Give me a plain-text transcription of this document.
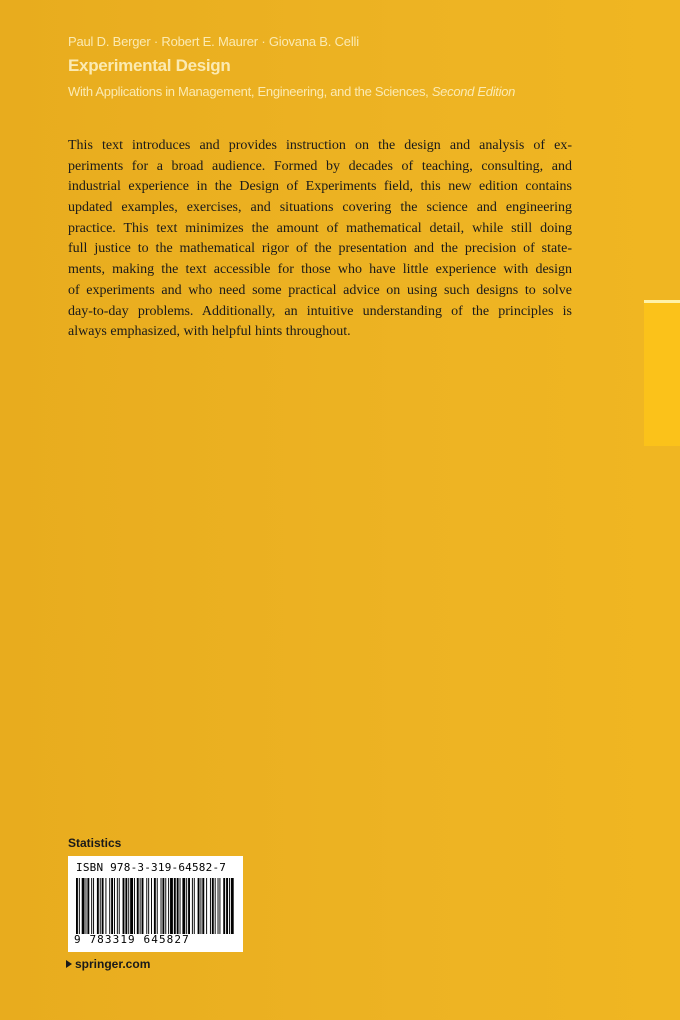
Paul D. Berger · Robert E. Maurer · Giovana B. Celli
Experimental Design
With Applications in Management, Engineering, and the Sciences, Second Edition
This text introduces and provides instruction on the design and analysis of ex-
periments for a broad audience. Formed by decades of teaching, consulting, and
industrial experience in the Design of Experiments field, this new edition contains
updated examples, exercises, and situations covering the science and engineering
practice. This text minimizes the amount of mathematical detail, while still doing
full justice to the mathematical rigor of the presentation and the precision of state-
ments, making the text accessible for those who have little experience with design
of experiments and who need some practical advice on using such designs to solve
day-to-day problems. Additionally, an intuitive understanding of the principles is
always emphasized, with helpful hints throughout.
Statistics
ISBN 978-3-319-64582-7
9 783319 645827
springer.com
